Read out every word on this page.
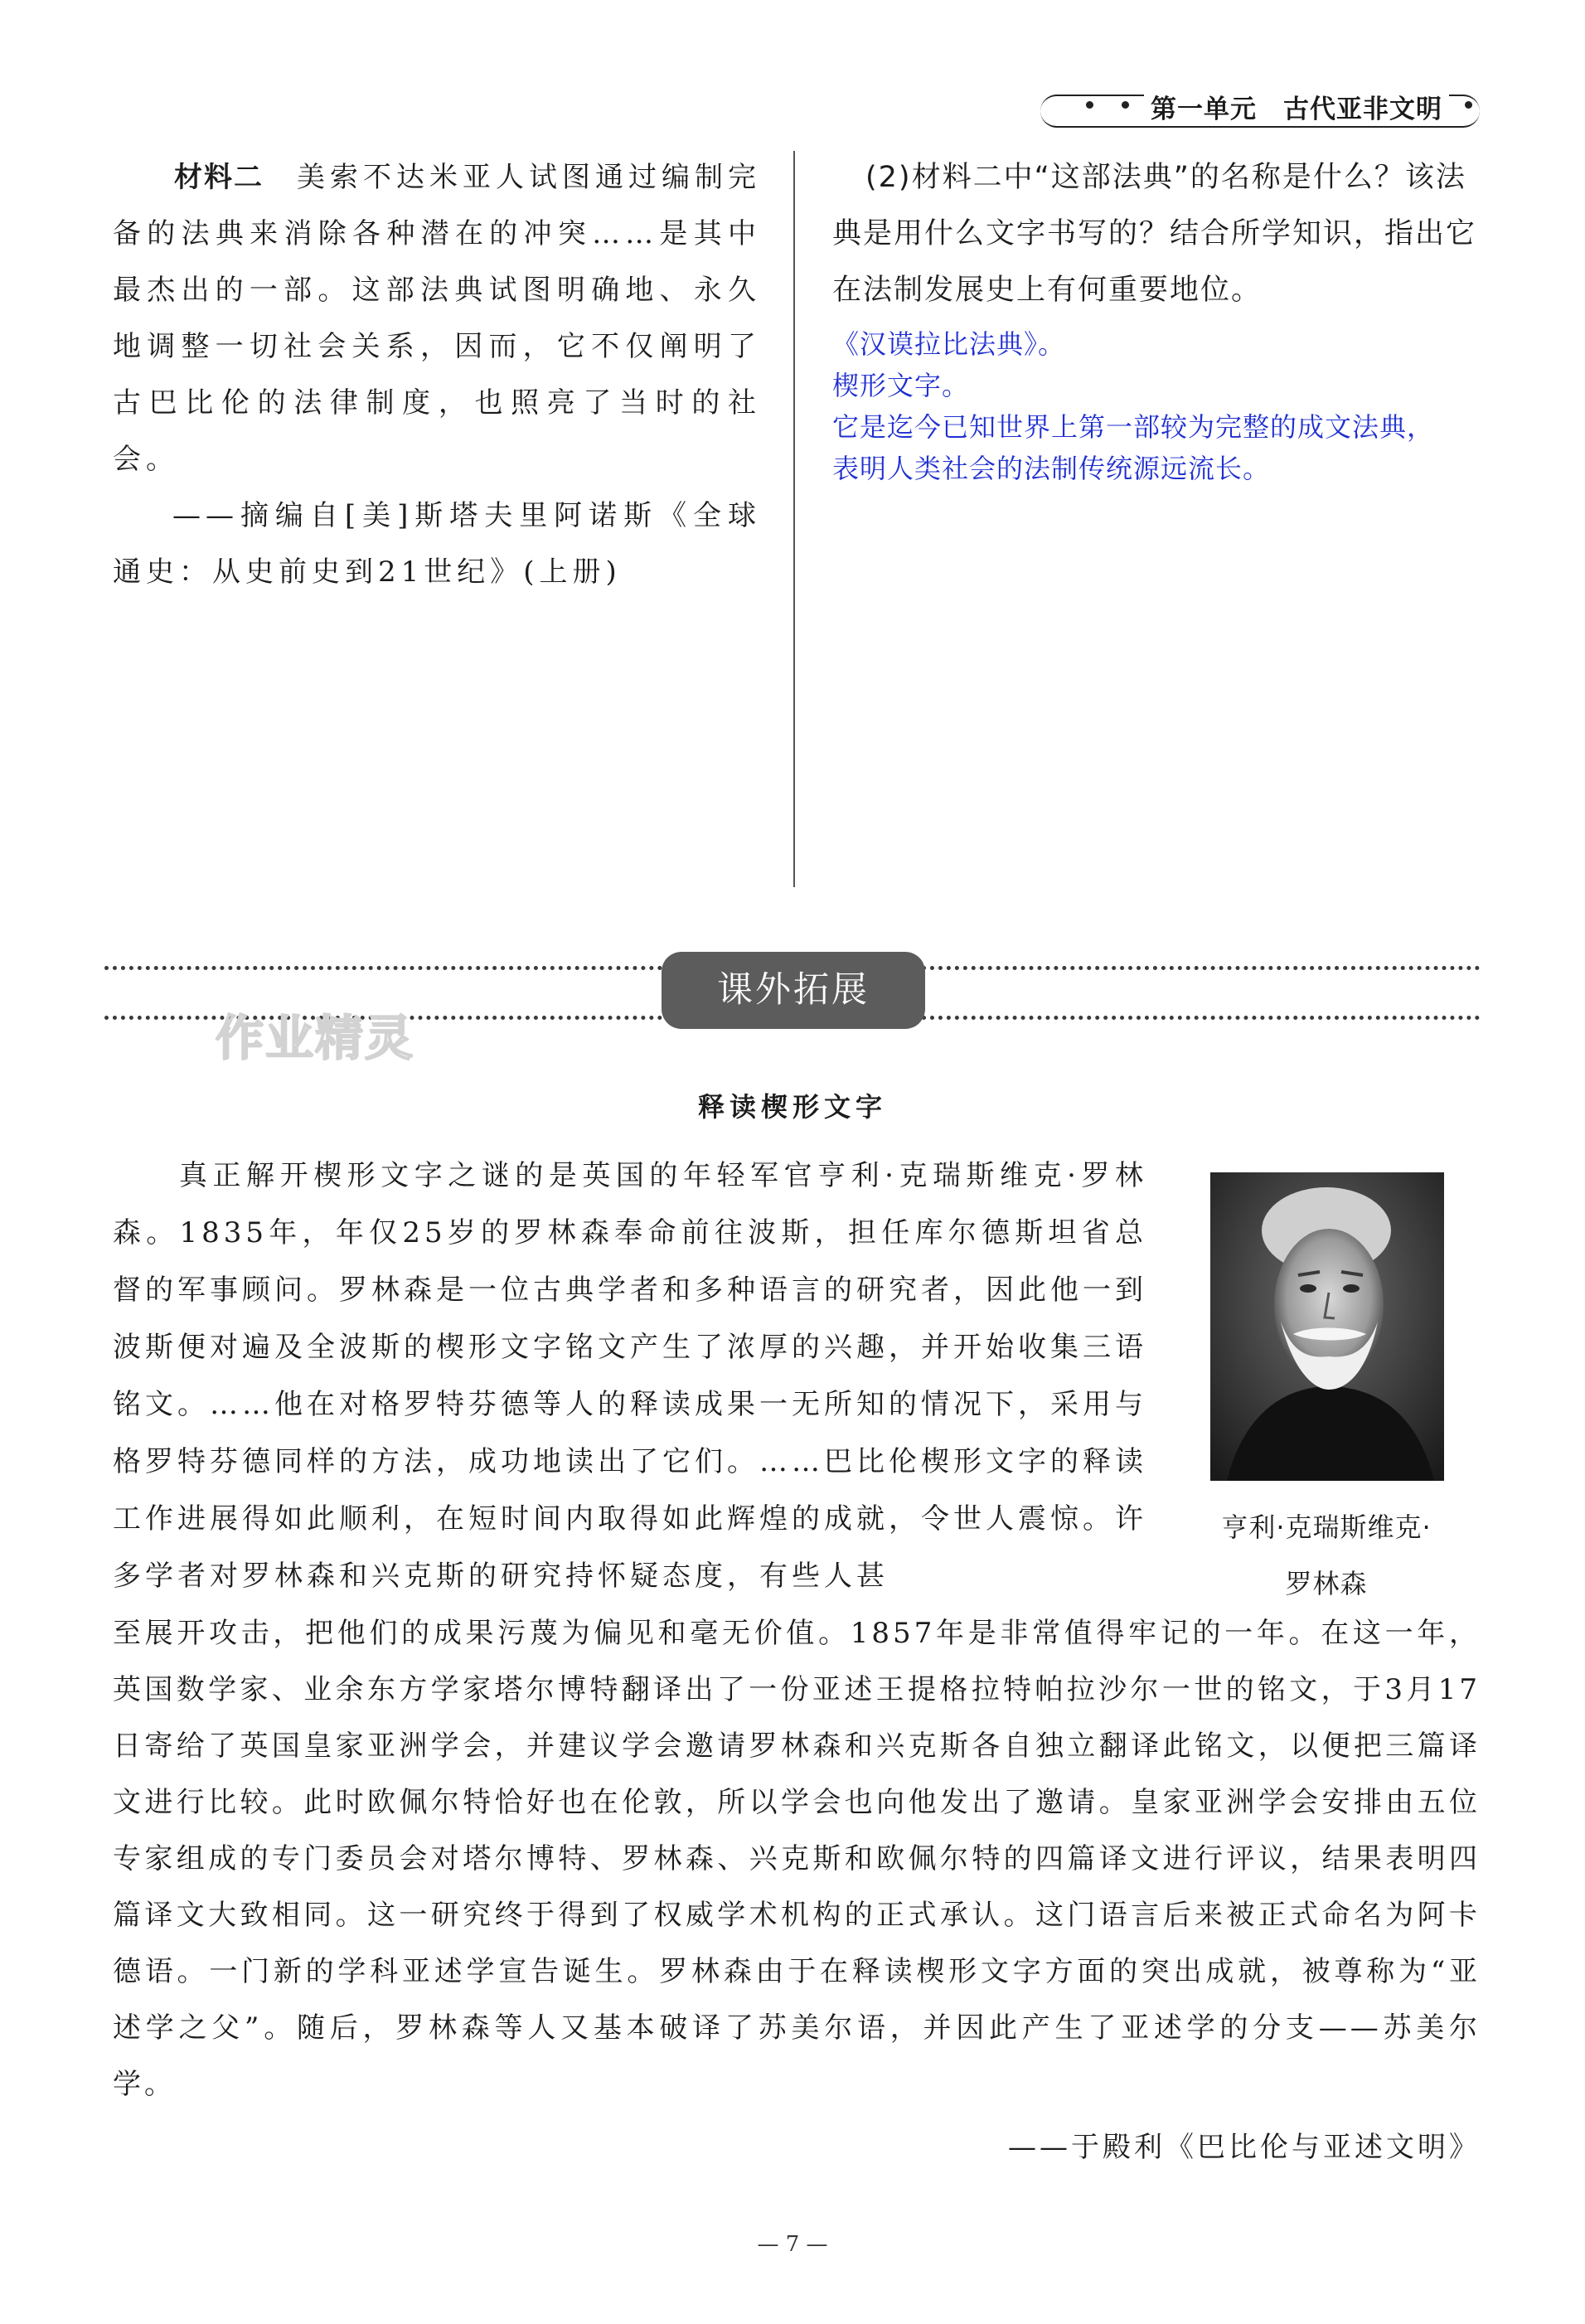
第一单元　古代亚非文明
材料二 美索不达米亚人试图通过编制完备的法典来消除各种潜在的冲突……是其中最杰出的一部。这部法典试图明确地、永久地调整一切社会关系，因而，它不仅阐明了古巴比伦的法律制度，也照亮了当时的社会。
——摘编自[美]斯塔夫里阿诺斯《全球通史：从史前史到21世纪》(上册)

(2)材料二中“这部法典”的名称是什么？该法典是用什么文字书写的？结合所学知识，指出它在法制发展史上有何重要地位。

《汉谟拉比法典》。
楔形文字。
它是迄今已知世界上第一部较为完整的成文法典，
表明人类社会的法制传统源远流长。
课外拓展
作业精灵
释读楔形文字

真正解开楔形文字之谜的是英国的年轻军官亨利·克瑞斯维克·罗林森。1835年，年仅25岁的罗林森奉命前往波斯，担任库尔德斯坦省总督的军事顾问。罗林森是一位古典学者和多种语言的研究者，因此他一到波斯便对遍及全波斯的楔形文字铭文产生了浓厚的兴趣，并开始收集三语铭文。……他在对格罗特芬德等人的释读成果一无所知的情况下，采用与格罗特芬德同样的方法，成功地读出了它们。……巴比伦楔形文字的释读工作进展得如此顺利，在短时间内取得如此辉煌的成就，令世人震惊。许多学者对罗林森和兴克斯的研究持怀疑态度，有些人甚

亨利·克瑞斯维克·
罗林森

至展开攻击，把他们的成果污蔑为偏见和毫无价值。1857年是非常值得牢记的一年。在这一年，英国数学家、业余东方学家塔尔博特翻译出了一份亚述王提格拉特帕拉沙尔一世的铭文，于3月17日寄给了英国皇家亚洲学会，并建议学会邀请罗林森和兴克斯各自独立翻译此铭文，以便把三篇译文进行比较。此时欧佩尔特恰好也在伦敦，所以学会也向他发出了邀请。皇家亚洲学会安排由五位专家组成的专门委员会对塔尔博特、罗林森、兴克斯和欧佩尔特的四篇译文进行评议，结果表明四篇译文大致相同。这一研究终于得到了权威学术机构的正式承认。这门语言后来被正式命名为阿卡德语。一门新的学科亚述学宣告诞生。罗林森由于在释读楔形文字方面的突出成就，被尊称为“亚述学之父”。随后，罗林森等人又基本破译了苏美尔语，并因此产生了亚述学的分支——苏美尔学。

——于殿利《巴比伦与亚述文明》
— 7 —
